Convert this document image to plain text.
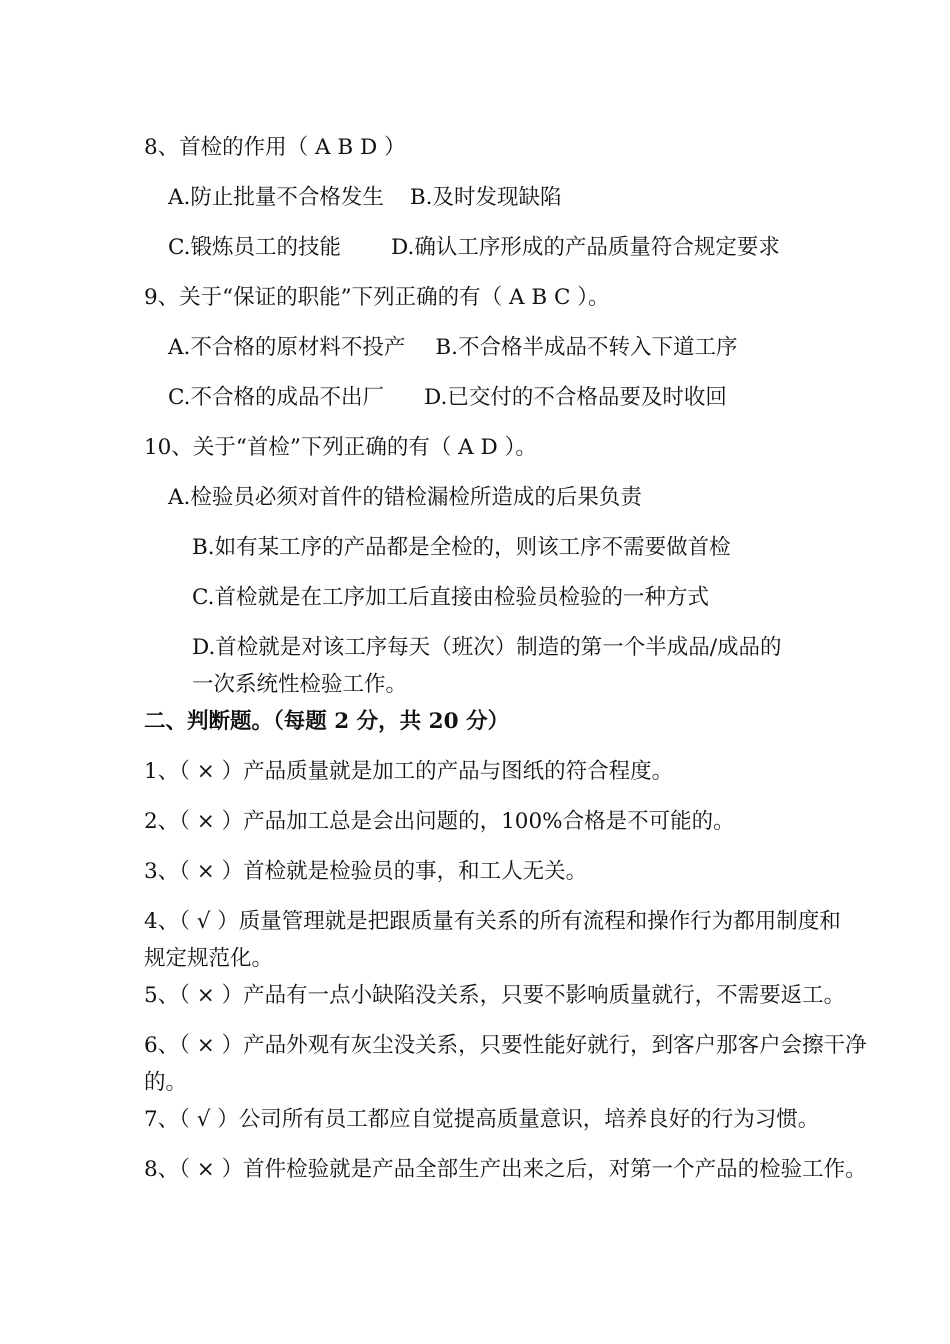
8、首检的作用（ A B D ）
A.防止批量不合格发生 B.及时发现缺陷
C.锻炼员工的技能 D.确认工序形成的产品质量符合规定要求
9、关于“保证的职能”下列正确的有（ A B C ）。
A.不合格的原材料不投产 B.不合格半成品不转入下道工序
C.不合格的成品不出厂 D.已交付的不合格品要及时收回
10、关于“首检”下列正确的有（ A D ）。
A.检验员必须对首件的错检漏检所造成的后果负责
B.如有某工序的产品都是全检的，则该工序不需要做首检
C.首检就是在工序加工后直接由检验员检验的一种方式
D.首检就是对该工序每天（班次）制造的第一个半成品/成品的
一次系统性检验工作。
二、判断题。（每题 2 分，共 20 分）
1、（ × ）产品质量就是加工的产品与图纸的符合程度。
2、（ × ）产品加工总是会出问题的，100%合格是不可能的。
3、（ × ）首检就是检验员的事，和工人无关。
4、（ √ ）质量管理就是把跟质量有关系的所有流程和操作行为都用制度和
规定规范化。
5、（ × ）产品有一点小缺陷没关系，只要不影响质量就行，不需要返工。
6、（ × ）产品外观有灰尘没关系，只要性能好就行，到客户那客户会擦干净
的。
7、（ √ ）公司所有员工都应自觉提高质量意识，培养良好的行为习惯。
8、（ × ）首件检验就是产品全部生产出来之后，对第一个产品的检验工作。
